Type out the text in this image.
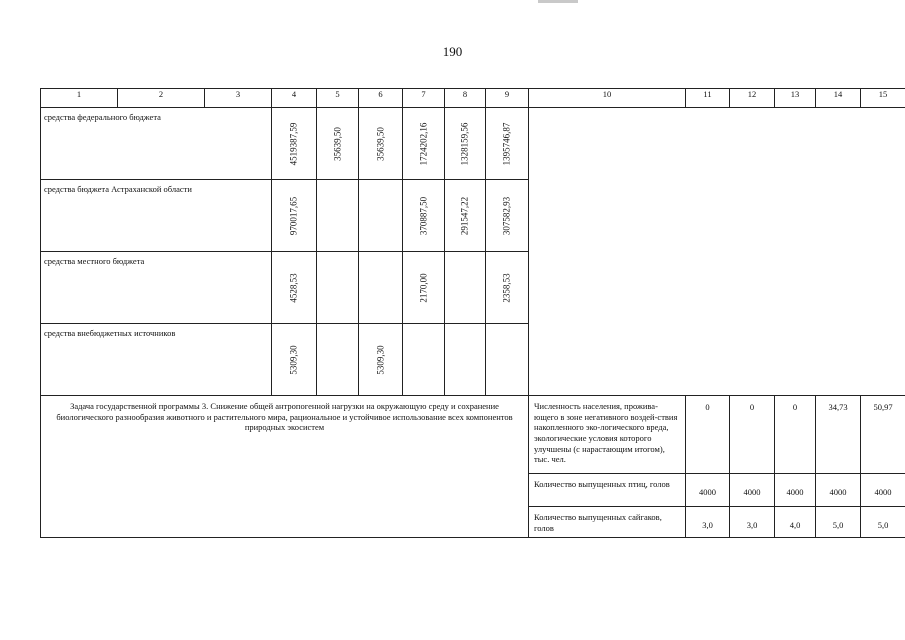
190
1	2	3	4	5	6	7	8	9	10	11	12	13	14	15
средства федерального бюджета			4519387,59	35639,50	35639,50	1724202,16	1328159,56	1395746,87						

средства бюджета Астраханской области			970017,65			370887,50	291547,22	307582,93						

средства местного бюджета			4528,53			2170,00		2358,53						

средства внебюджетных источников			5309,30		5309,30									

Задача государственной программы 3. Снижение общей антропогенной нагрузки на окружающую среду и сохранение биологического разнообразия животного и растительного мира, рациональное и устойчивое использование всех компонентов природных экосистем									Численность населения, прожива-ющего в зоне негативного воздей-ствия накопленного эко-логического вреда, экологические условия которого улучшены (с нарастающим итогом), тыс. чел.	0	0	0	34,73	50,97
									Количество выпущенных птиц, голов	4000	4000	4000	4000	4000
									Количество выпущенных сайгаков, голов	3,0	3,0	4,0	5,0	5,0
